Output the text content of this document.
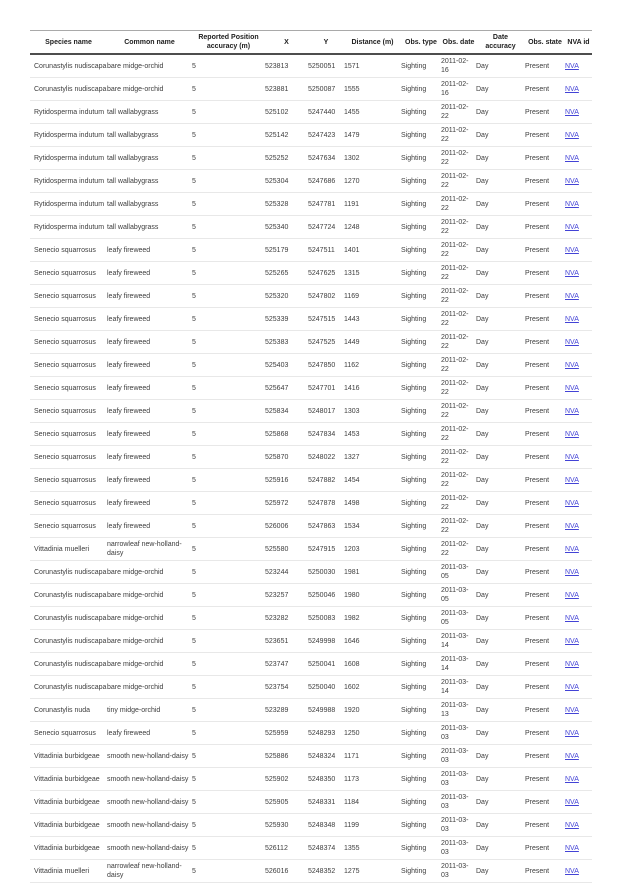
Species name	Common name	Reported Position accuracy (m)	X	Y	Distance (m)	Obs. type	Obs. date	Date accuracy	Obs. state	NVA id
Corunastylis nudiscapa	bare midge-orchid	5	523813	5250051	1571	Sighting	2011-02-16	Day	Present	NVA
Corunastylis nudiscapa	bare midge-orchid	5	523881	5250087	1555	Sighting	2011-02-16	Day	Present	NVA
Rytidosperma indutum	tall wallabygrass	5	525102	5247440	1455	Sighting	2011-02-22	Day	Present	NVA
Rytidosperma indutum	tall wallabygrass	5	525142	5247423	1479	Sighting	2011-02-22	Day	Present	NVA
Rytidosperma indutum	tall wallabygrass	5	525252	5247634	1302	Sighting	2011-02-22	Day	Present	NVA
Rytidosperma indutum	tall wallabygrass	5	525304	5247686	1270	Sighting	2011-02-22	Day	Present	NVA
Rytidosperma indutum	tall wallabygrass	5	525328	5247781	1191	Sighting	2011-02-22	Day	Present	NVA
Rytidosperma indutum	tall wallabygrass	5	525340	5247724	1248	Sighting	2011-02-22	Day	Present	NVA
Senecio squarrosus	leafy fireweed	5	525179	5247511	1401	Sighting	2011-02-22	Day	Present	NVA
Senecio squarrosus	leafy fireweed	5	525265	5247625	1315	Sighting	2011-02-22	Day	Present	NVA
Senecio squarrosus	leafy fireweed	5	525320	5247802	1169	Sighting	2011-02-22	Day	Present	NVA
Senecio squarrosus	leafy fireweed	5	525339	5247515	1443	Sighting	2011-02-22	Day	Present	NVA
Senecio squarrosus	leafy fireweed	5	525383	5247525	1449	Sighting	2011-02-22	Day	Present	NVA
Senecio squarrosus	leafy fireweed	5	525403	5247850	1162	Sighting	2011-02-22	Day	Present	NVA
Senecio squarrosus	leafy fireweed	5	525647	5247701	1416	Sighting	2011-02-22	Day	Present	NVA
Senecio squarrosus	leafy fireweed	5	525834	5248017	1303	Sighting	2011-02-22	Day	Present	NVA
Senecio squarrosus	leafy fireweed	5	525868	5247834	1453	Sighting	2011-02-22	Day	Present	NVA
Senecio squarrosus	leafy fireweed	5	525870	5248022	1327	Sighting	2011-02-22	Day	Present	NVA
Senecio squarrosus	leafy fireweed	5	525916	5247882	1454	Sighting	2011-02-22	Day	Present	NVA
Senecio squarrosus	leafy fireweed	5	525972	5247878	1498	Sighting	2011-02-22	Day	Present	NVA
Senecio squarrosus	leafy fireweed	5	526006	5247863	1534	Sighting	2011-02-22	Day	Present	NVA
Vittadinia muelleri	narrowleaf new-holland-daisy	5	525580	5247915	1203	Sighting	2011-02-22	Day	Present	NVA
Corunastylis nudiscapa	bare midge-orchid	5	523244	5250030	1981	Sighting	2011-03-05	Day	Present	NVA
Corunastylis nudiscapa	bare midge-orchid	5	523257	5250046	1980	Sighting	2011-03-05	Day	Present	NVA
Corunastylis nudiscapa	bare midge-orchid	5	523282	5250083	1982	Sighting	2011-03-05	Day	Present	NVA
Corunastylis nudiscapa	bare midge-orchid	5	523651	5249998	1646	Sighting	2011-03-14	Day	Present	NVA
Corunastylis nudiscapa	bare midge-orchid	5	523747	5250041	1608	Sighting	2011-03-14	Day	Present	NVA
Corunastylis nudiscapa	bare midge-orchid	5	523754	5250040	1602	Sighting	2011-03-14	Day	Present	NVA
Corunastylis nuda	tiny midge-orchid	5	523289	5249988	1920	Sighting	2011-03-13	Day	Present	NVA
Senecio squarrosus	leafy fireweed	5	525959	5248293	1250	Sighting	2011-03-03	Day	Present	NVA
Vittadinia burbidgeae	smooth new-holland-daisy	5	525886	5248324	1171	Sighting	2011-03-03	Day	Present	NVA
Vittadinia burbidgeae	smooth new-holland-daisy	5	525902	5248350	1173	Sighting	2011-03-03	Day	Present	NVA
Vittadinia burbidgeae	smooth new-holland-daisy	5	525905	5248331	1184	Sighting	2011-03-03	Day	Present	NVA
Vittadinia burbidgeae	smooth new-holland-daisy	5	525930	5248348	1199	Sighting	2011-03-03	Day	Present	NVA
Vittadinia burbidgeae	smooth new-holland-daisy	5	526112	5248374	1355	Sighting	2011-03-03	Day	Present	NVA
Vittadinia muelleri	narrowleaf new-holland-daisy	5	526016	5248352	1275	Sighting	2011-03-03	Day	Present	NVA
